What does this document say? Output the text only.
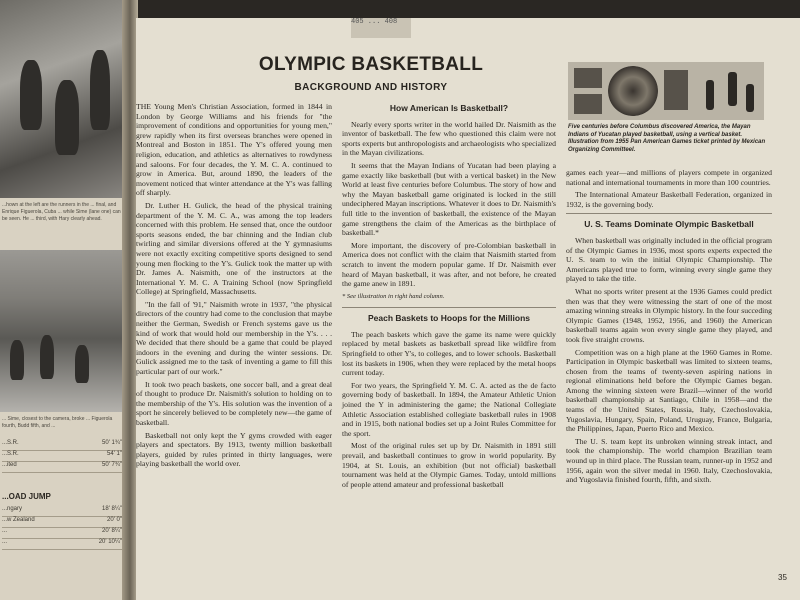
...hown at the left are the runners in the ... final, and Enrique Figuerola, Cuba ... while Sime (lane one) can be seen. He ... third, with Hary clearly ahead.
... Sime, closest to the camera, broke ... Figuerola fourth, Budd fifth, and ...
...S.R.	50' 1¾"
...S.R.	54' 1"
...ited	50' 7¾"
...OAD JUMP
...ngary	18' 8¼"
...w Zealand	20' 0"
...	20' 8¼"
...	20' 10¼"
405 ... 408
OLYMPIC BASKETBALL
BACKGROUND AND HISTORY

THE Young Men's Christian Association, formed in 1844 in London by George Williams and his friends for "the improvement of conditions and opportunities for young men," grew rapidly when its first overseas branches were opened in Montreal and Boston in 1851. The Y's offered young men religion, education, and athletics as alternatives to rowdyness and saloons. For four decades, the Y. M. C. A. continued to grow in America. But, around 1890, the leaders of the movement noticed that winter attendance at the Y's was falling off sharply.

Dr. Luther H. Gulick, the head of the physical training department of the Y. M. C. A., was among the top leaders concerned with this problem. He sensed that, once the outdoor sports seasons ended, the bar chinning and the Indian club twirling and similar diversions offered at the Y gymnasiums were not exactly exciting competitive sports designed to send young men flocking to the Y's. Gulick took the matter up with Dr. James A. Naismith, one of the instructors at the International Y. M. C. A Training School (now Springfield College) at Springfield, Massachusetts.

"In the fall of '91," Naismith wrote in 1937, "the physical directors of the country had come to the conclusion that maybe neither the German, Swedish or French systems gave us the kind of work that would hold our membership in the Y's. . . . We decided that there should be a game that could be played indoors in the evening and during the winter sessions. Dr. Gulick assigned me to the task of inventing a game to fill this particular part of our work."

It took two peach baskets, one soccer ball, and a great deal of thought to produce Dr. Naismith's solution to holding on to the membership of the Y's. His solution was the invention of a sport he sincerely believed to be completely new—the game of basketball.

Basketball not only kept the Y gyms crowded with eager players and spectators. By 1913, twenty million basketball players, guided by rules printed in thirty languages, were playing basketball the world over.

How American Is Basketball?

Nearly every sports writer in the world hailed Dr. Naismith as the inventor of basketball. The few who questioned this claim were not sports experts but anthropologists and archaeologists who specialized in the Mayan civilizations.

It seems that the Mayan Indians of Yucatan had been playing a game exactly like basketball (but with a vertical basket) in the New World at least five centuries before Columbus. The story of how and why the Mayan basketball game originated is locked in the still undeciphered Mayan inscriptions. Whatever it does to Dr. Naismith's full title to the invention of basketball, the existence of the Mayan game strengthens the claim of the Americas as the birthplace of basketball.*

More important, the discovery of pre-Colombian basketball in America does not conflict with the claim that Naismith started from scratch to invent the modern popular game. If Dr. Naismith ever heard of Mayan basketball, it was after, and not before, he created the game anew in 1891.

* See illustration in right hand column.
Peach Baskets to Hoops for the Millions

The peach baskets which gave the game its name were quickly replaced by metal baskets as basketball spread like wildfire from Springfield to other Y's, to colleges, and to lower schools. Basketball lost its baskets in 1906, when they were replaced by the metal hoops current today.

For two years, the Springfield Y. M. C. A. acted as the de facto governing body of basketball. In 1894, the Amateur Athletic Union joined the Y in administering the game; the National Collegiate Athletic Association established collegiate basketball rules in 1908 and in 1915, both national bodies set up a Joint Rules Committee for the sport.

Most of the original rules set up by Dr. Naismith in 1891 still prevail, and basketball continues to grow in world popularity. By 1904, at St. Louis, an exhibition (but not official) basketball tournament was held at the Olympic Games. Today, untold millions of people attend amateur and professional basketball

Five centuries before Columbus discovered America, the Mayan Indians of Yucatan played basketball, using a vertical basket. Illustration from 1955 Pan American Games ticket printed by Mexican Organizing Committeel.

games each year—and millions of players compete in organized national and international tournaments in more than 100 countries.

The International Amateur Basketball Federation, organized in 1932, is the governing body.

U. S. Teams Dominate Olympic Basketball

When basketball was originally included in the official program of the Olympic Games in 1936, most sports experts expected the U. S. team to win the initial Olympic Championship. The Americans played true to form, winning every single game they played to take the title.

What no sports writer present at the 1936 Games could predict then was that they were witnessing the start of one of the most amazing winning streaks in Olympic history. In the four succeding Olympic Games (1948, 1952, 1956, and 1960) the American basketball teams again won every single game they played, and took five straight crowns.

Competition was on a high plane at the 1960 Games in Rome. Participation in Olympic basketball was limited to sixteen teams, chosen from the teams of twenty-seven aspiring nations in regional eliminations held before the Olympic Games began. Among the winning sixteen were Brazil—winner of the world basketball championship at Santiago, Chile in 1958—and the teams of the United States, Russia, Italy, Czechoslovakia, Yugoslavia, Hungary, Spain, Poland, Uruguay, France, Bulgaria, the Philippines, Japan, Puerto Rico and Mexico.

The U. S. team kept its unbroken winning streak intact, and took the championship. The world champion Brazilian team wound up in third place. The Russian team, runner-up in 1952 and 1956, again won the silver medal in 1960. Italy, Czechoslovakia, and Yugoslavia finished fourth, fifth, and sixth.

35
